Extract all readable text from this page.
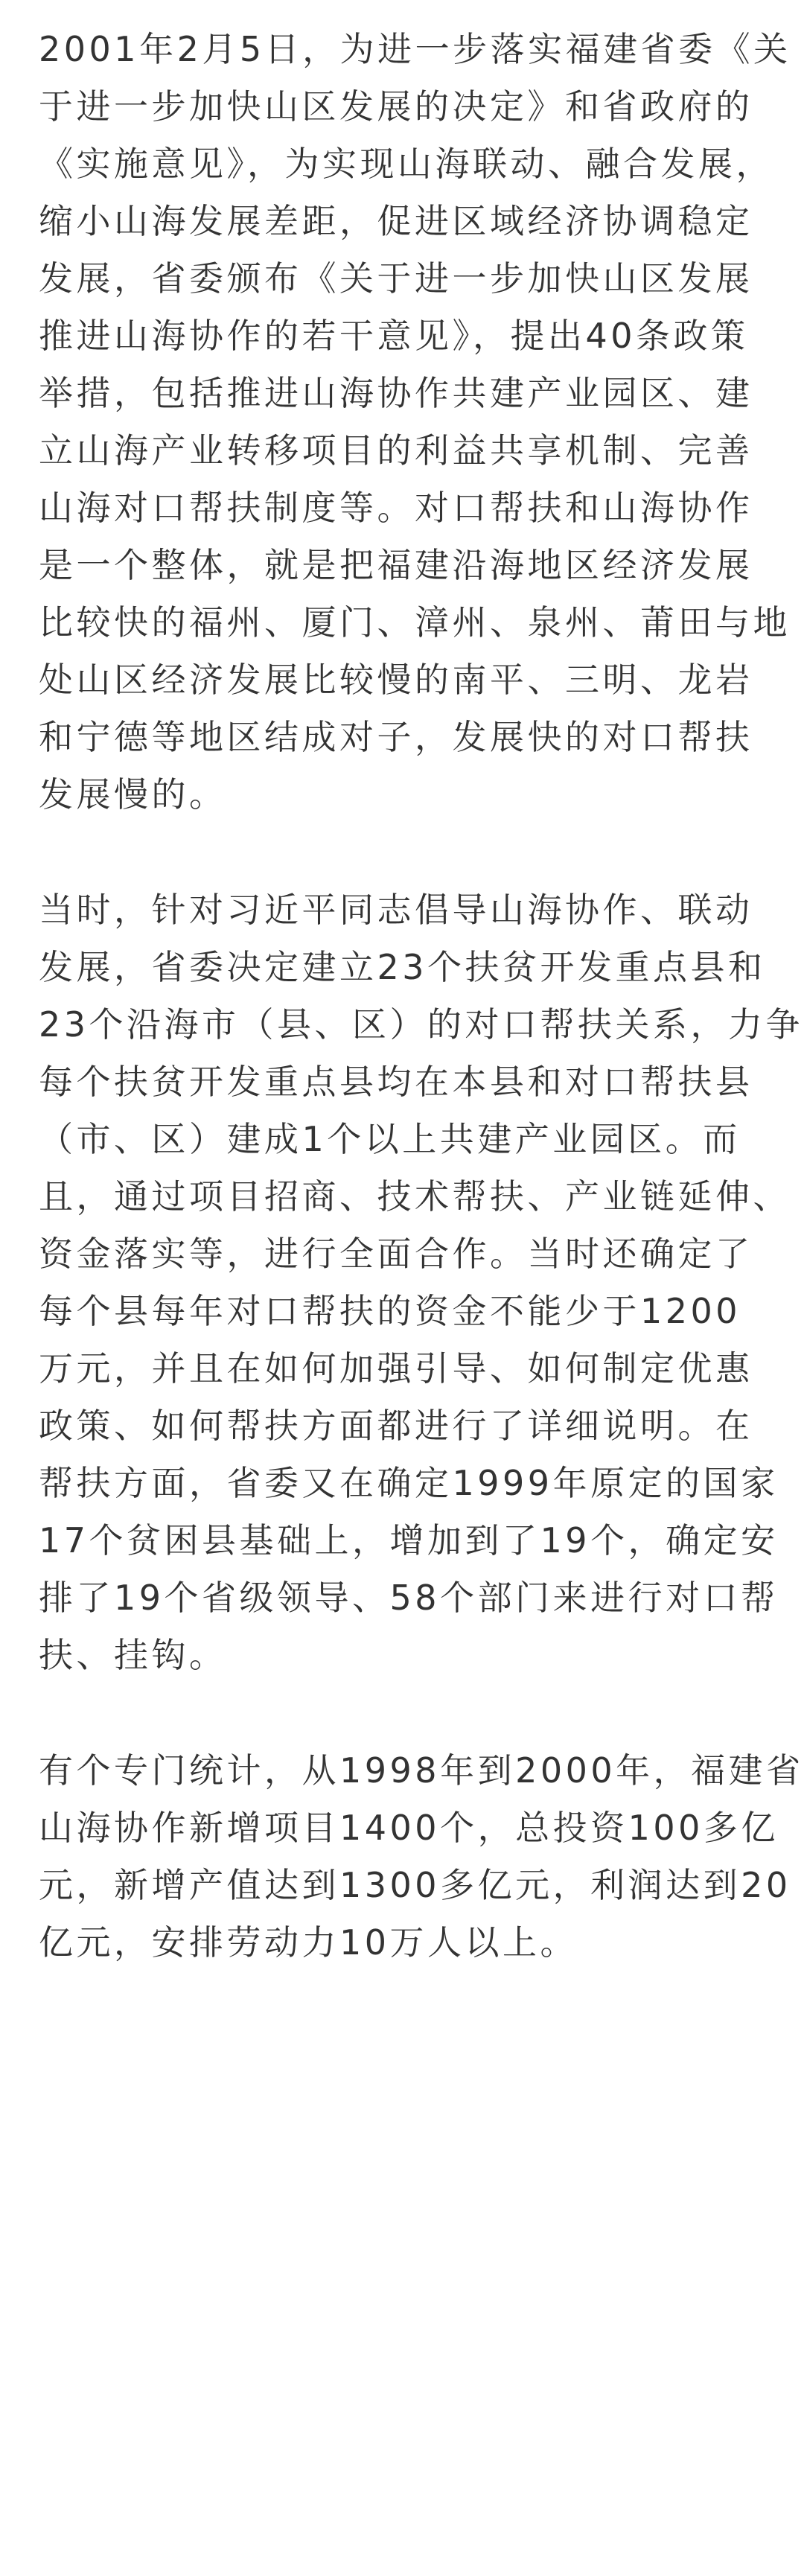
2001年2月5日，为进一步落实福建省委《关
于进一步加快山区发展的决定》和省政府的
《实施意见》，为实现山海联动、融合发展，
缩小山海发展差距，促进区域经济协调稳定
发展，省委颁布《关于进一步加快山区发展
推进山海协作的若干意见》，提出40条政策
举措，包括推进山海协作共建产业园区、建
立山海产业转移项目的利益共享机制、完善
山海对口帮扶制度等。对口帮扶和山海协作
是一个整体，就是把福建沿海地区经济发展
比较快的福州、厦门、漳州、泉州、莆田与地
处山区经济发展比较慢的南平、三明、龙岩
和宁德等地区结成对子，发展快的对口帮扶
发展慢的。

当时，针对习近平同志倡导山海协作、联动
发展，省委决定建立23个扶贫开发重点县和
23个沿海市（县、区）的对口帮扶关系，力争
每个扶贫开发重点县均在本县和对口帮扶县
（市、区）建成1个以上共建产业园区。而
且，通过项目招商、技术帮扶、产业链延伸、
资金落实等，进行全面合作。当时还确定了
每个县每年对口帮扶的资金不能少于1200
万元，并且在如何加强引导、如何制定优惠
政策、如何帮扶方面都进行了详细说明。在
帮扶方面，省委又在确定1999年原定的国家
17个贫困县基础上，增加到了19个，确定安
排了19个省级领导、58个部门来进行对口帮
扶、挂钩。

有个专门统计，从1998年到2000年，福建省
山海协作新增项目1400个，总投资100多亿
元，新增产值达到1300多亿元，利润达到20
亿元，安排劳动力10万人以上。
